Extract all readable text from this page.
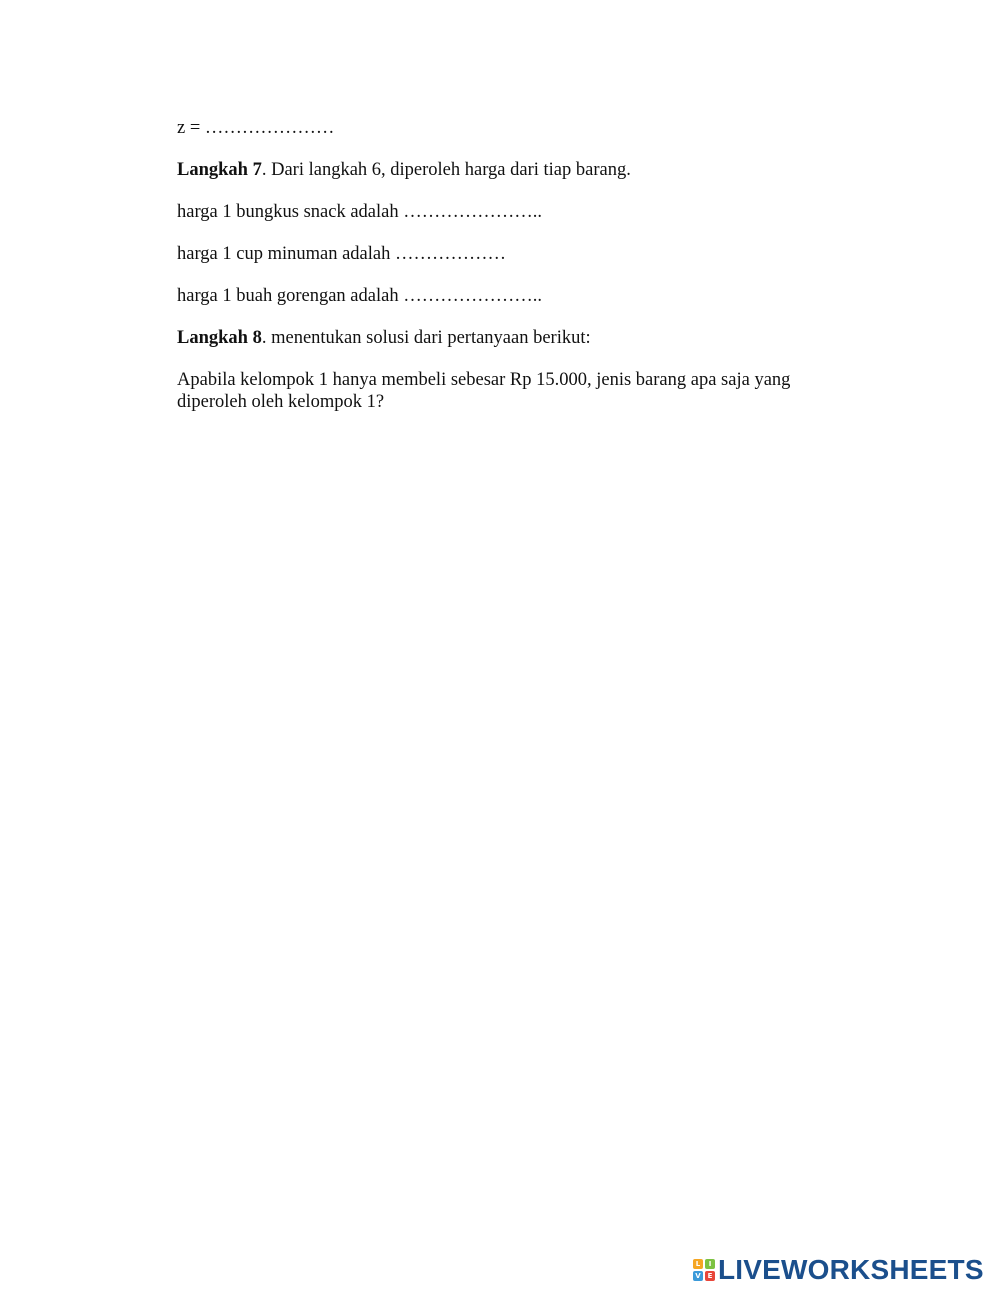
z = …………………

Langkah 7. Dari langkah 6, diperoleh harga dari tiap barang.

harga 1 bungkus snack adalah …………………..

harga 1 cup minuman adalah ………………

harga 1 buah gorengan adalah …………………..

Langkah 8. menentukan solusi dari pertanyaan berikut:

Apabila kelompok 1 hanya membeli sebesar Rp 15.000, jenis barang apa saja yang diperoleh oleh kelompok 1?

L	I
V E LIVEWORKSHEETS
